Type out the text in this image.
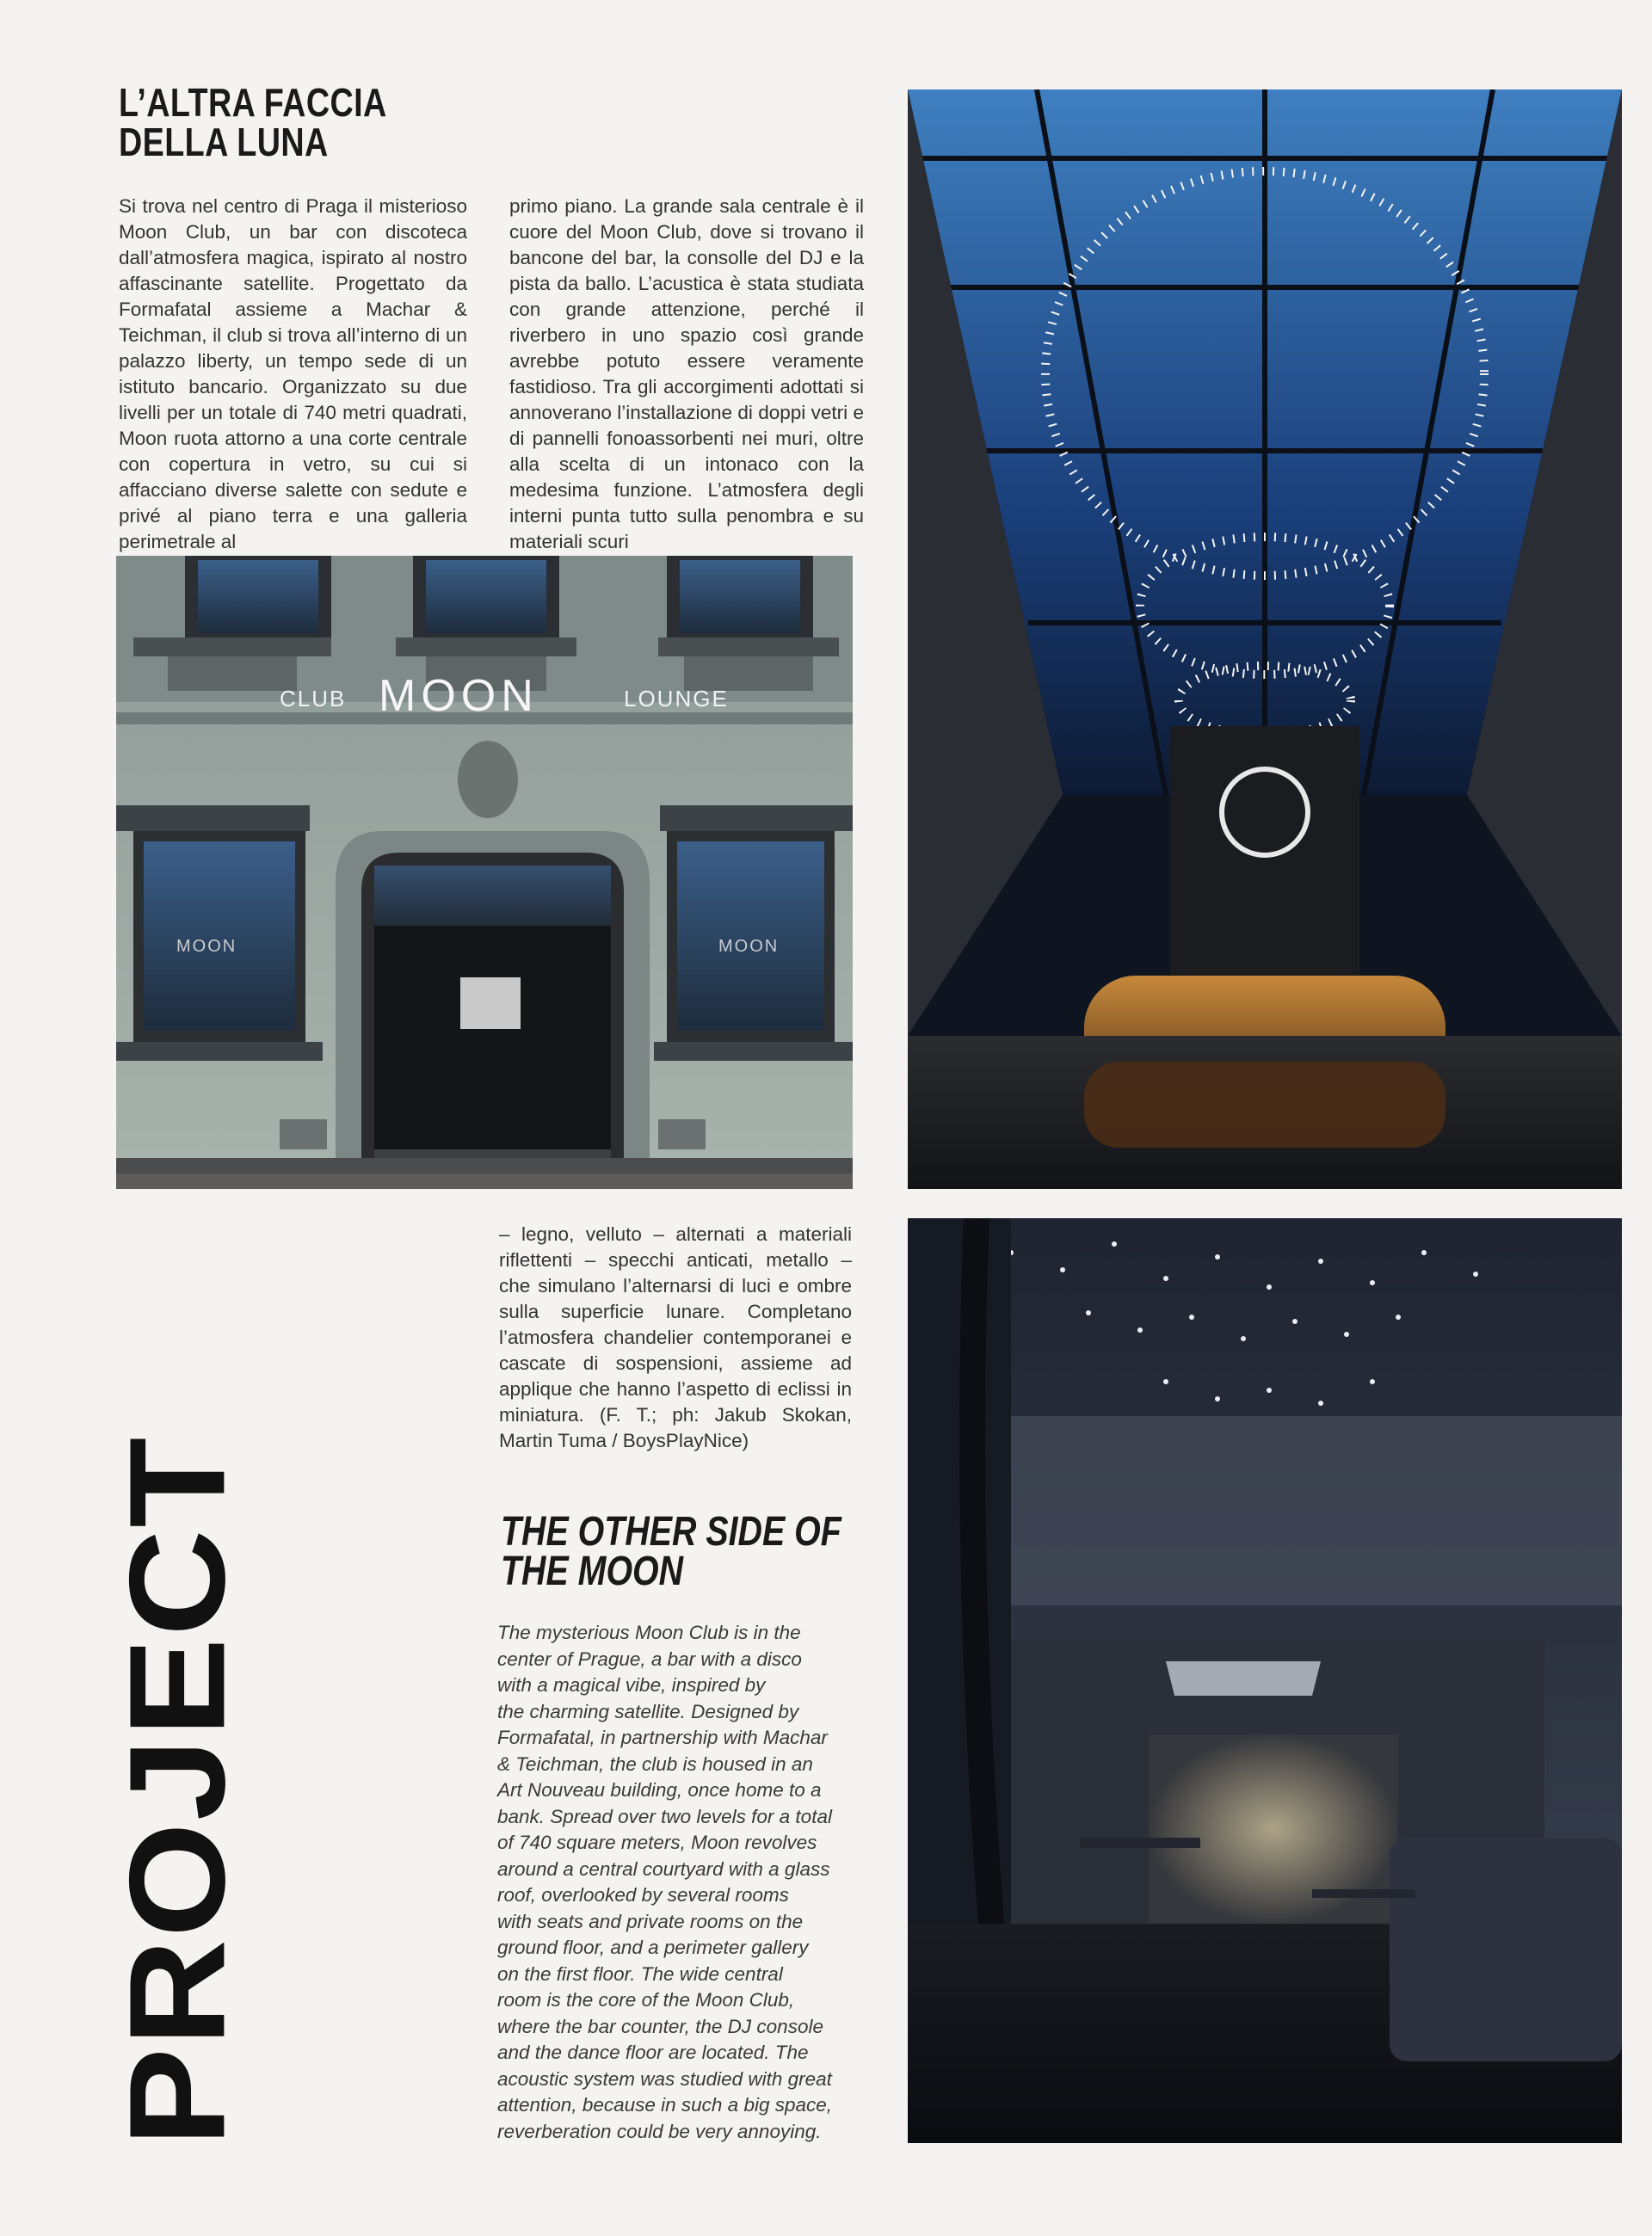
L’ALTRA FACCIA
DELLA LUNA

Si trova nel centro di Praga il misterioso Moon Club, un bar con discoteca dall’atmosfera magica, ispirato al nostro affascinante satellite. Progettato da Formafatal assieme a Machar & Teichman, il club si trova all’interno di un palazzo liberty, un tempo sede di un istituto bancario. Organizzato su due livelli per un totale di 740 metri quadrati, Moon ruota attorno a una corte centrale con copertura in vetro, su cui si affacciano diverse salette con sedute e privé al piano terra e una galleria perimetrale al

primo piano. La grande sala centrale è il cuore del Moon Club, dove si trovano il bancone del bar, la consolle del DJ e la pista da ballo. L’acustica è stata studiata con grande attenzione, perché il riverbero in uno spazio così grande avrebbe potuto essere veramente fastidioso. Tra gli accorgimenti adottati si annoverano l’installazione di doppi vetri e di pannelli fonoassorbenti nei muri, oltre alla scelta di un intonaco con la medesima funzione. L’atmosfera degli interni punta tutto sulla penombra e su materiali scuri

CLUB MOON	LOUNGE
MOON	MOON

– legno, velluto – alternati a materiali riflettenti – specchi anticati, metallo – che simulano l’alternarsi di luci e ombre sulla superficie lunare. Completano l’atmosfera chandelier contemporanei e cascate di sospensioni, assieme ad applique che hanno l’aspetto di eclissi in miniatura. (F. T.; ph: Jakub Skokan, Martin Tuma / BoysPlayNice)

THE OTHER SIDE OF
THE MOON
The mysterious Moon Club is in the
center of Prague, a bar with a disco
with a magical vibe, inspired by
the charming satellite. Designed by
Formafatal, in partnership with Machar
& Teichman, the club is housed in an
Art Nouveau building, once home to a
bank. Spread over two levels for a total
of 740 square meters, Moon revolves
around a central courtyard with a glass
roof, overlooked by several rooms
with seats and private rooms on the
ground floor, and a perimeter gallery
on the first floor. The wide central
room is the core of the Moon Club,
where the bar counter, the DJ console
and the dance floor are located. The
acoustic system was studied with great
attention, because in such a big space,
reverberation could be very annoying.
PROJECT
